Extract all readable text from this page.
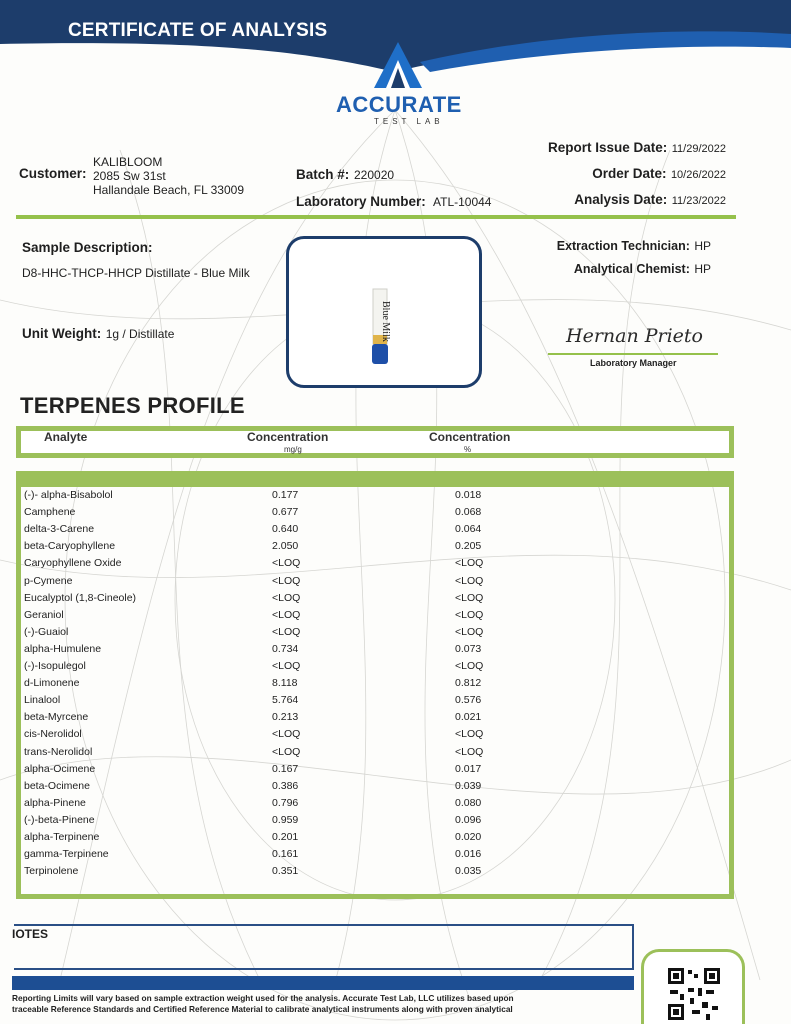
CERTIFICATE OF ANALYSIS
ACCURATE
TEST LAB
Customer:
KALIBLOOM
2085 Sw 31st
Hallandale Beach, FL 33009
Batch #: 220020
Laboratory Number: ATL-10044
Report Issue Date: 11/29/2022
Order Date: 10/26/2022
Analysis Date: 11/23/2022
Sample Description:
D8-HHC-THCP-HHCP Distillate - Blue Milk
Unit Weight: 1g / Distillate	Blue Milk
Extraction Technician: HP
Analytical Chemist: HP
Hernan Prieto
Laboratory Manager
TERPENES PROFILE
Analyte	Concentration
mg/g
Concentration
%
(-)- alpha-Bisabolol	0.177	0.018
Camphene	0.677	0.068
delta-3-Carene	0.640	0.064
beta-Caryophyllene	2.050	0.205
Caryophyllene Oxide	<LOQ	<LOQ
p-Cymene	<LOQ	<LOQ
Eucalyptol (1,8-Cineole)	<LOQ	<LOQ
Geraniol	<LOQ	<LOQ
(-)-Guaiol	<LOQ	<LOQ
alpha-Humulene	0.734	0.073
(-)-Isopulegol	<LOQ	<LOQ
d-Limonene	8.118	0.812
Linalool	5.764	0.576
beta-Myrcene	0.213	0.021
cis-Nerolidol	<LOQ	<LOQ
trans-Nerolidol	<LOQ	<LOQ
alpha-Ocimene	0.167	0.017
beta-Ocimene	0.386	0.039
alpha-Pinene	0.796	0.080
(-)-beta-Pinene	0.959	0.096
alpha-Terpinene	0.201	0.020
gamma-Terpinene	0.161	0.016
Terpinolene	0.351	0.035
IOTES
Reporting Limits will vary based on sample extraction weight used for the analysis. Accurate Test Lab, LLC utilizes based upon
traceable Reference Standards and Certified Reference Material to calibrate analytical instruments along with proven analytical
